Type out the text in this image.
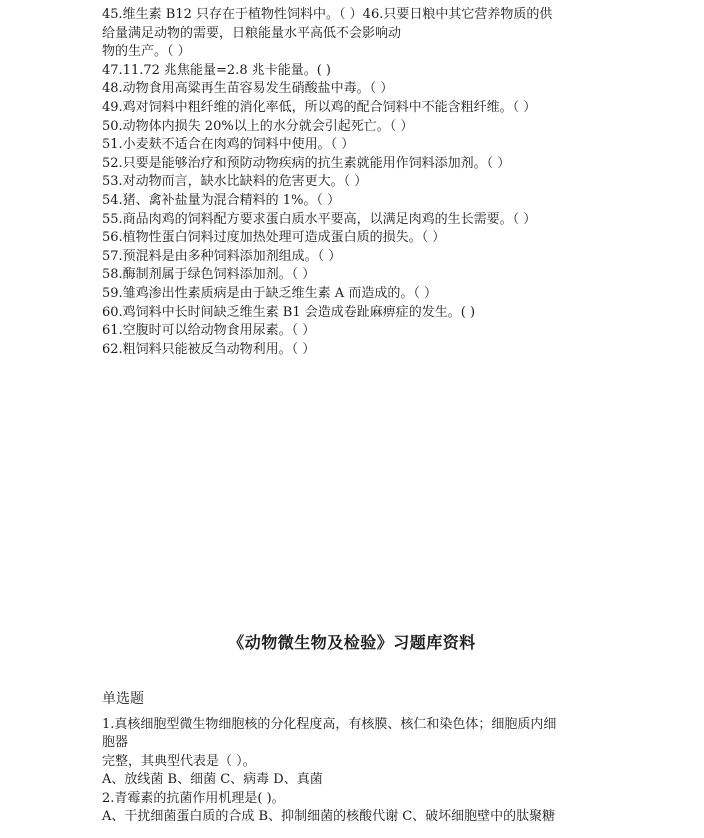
45.维生素 B12 只存在于植物性饲料中。（ ）46.只要日粮中其它营养物质的供
给量满足动物的需要，日粮能量水平高低不会影响动
物的生产。（ ）
47.11.72 兆焦能量=2.8 兆卡能量。( )
48.动物食用高粱再生苗容易发生硝酸盐中毒。（ ）
49.鸡对饲料中粗纤维的消化率低，所以鸡的配合饲料中不能含粗纤维。（ ）
50.动物体内损失 20%以上的水分就会引起死亡。（ ）
51.小麦麸不适合在肉鸡的饲料中使用。（ ）
52.只要是能够治疗和预防动物疾病的抗生素就能用作饲料添加剂。（ ）
53.对动物而言，缺水比缺料的危害更大。（ ）
54.猪、禽补盐量为混合精料的 1%。（ ）
55.商品肉鸡的饲料配方要求蛋白质水平要高，以满足肉鸡的生长需要。（ ）
56.植物性蛋白饲料过度加热处理可造成蛋白质的损失。（ ）
57.预混料是由多种饲料添加剂组成。（ ）
58.酶制剂属于绿色饲料添加剂。（ ）
59.雏鸡渗出性素质病是由于缺乏维生素 A 而造成的。（ ）
60.鸡饲料中长时间缺乏维生素 B1 会造成卷趾麻痹症的发生。( )
61.空腹时可以给动物食用尿素。（ ）
62.粗饲料只能被反刍动物利用。（ ）
《动物微生物及检验》习题库资料
单选题
1.真核细胞型微生物细胞核的分化程度高，有核膜、核仁和染色体；细胞质内细
胞器
完整，其典型代表是（ ）。
A、放线菌 B、细菌 C、病毒 D、真菌
2.青霉素的抗菌作用机理是( )。
A、干扰细菌蛋白质的合成 B、抑制细菌的核酸代谢 C、破坏细胞壁中的肽聚糖
